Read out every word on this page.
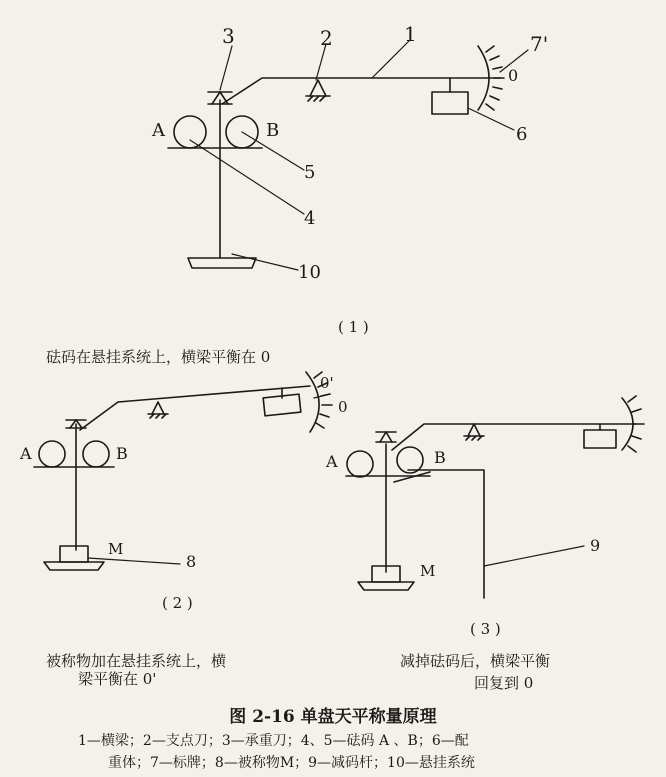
3	2	1	7'
0
6
A	B
5
4
10
( 1 )
砝码在悬挂系统上，横梁平衡在 0
0'
0
A	B
M
8
( 2 )
被称物加在悬挂系统上，横
梁平衡在 0'
A	B
M
9
( 3 )
减掉砝码后，横梁平衡
回复到 0
图 2-16 单盘天平称量原理
1—横梁；2—支点刀；3—承重刀；4、5—砝码 A 、B；6—配
重体；7—标牌；8—被称物M；9—减码杆；10—悬挂系统
